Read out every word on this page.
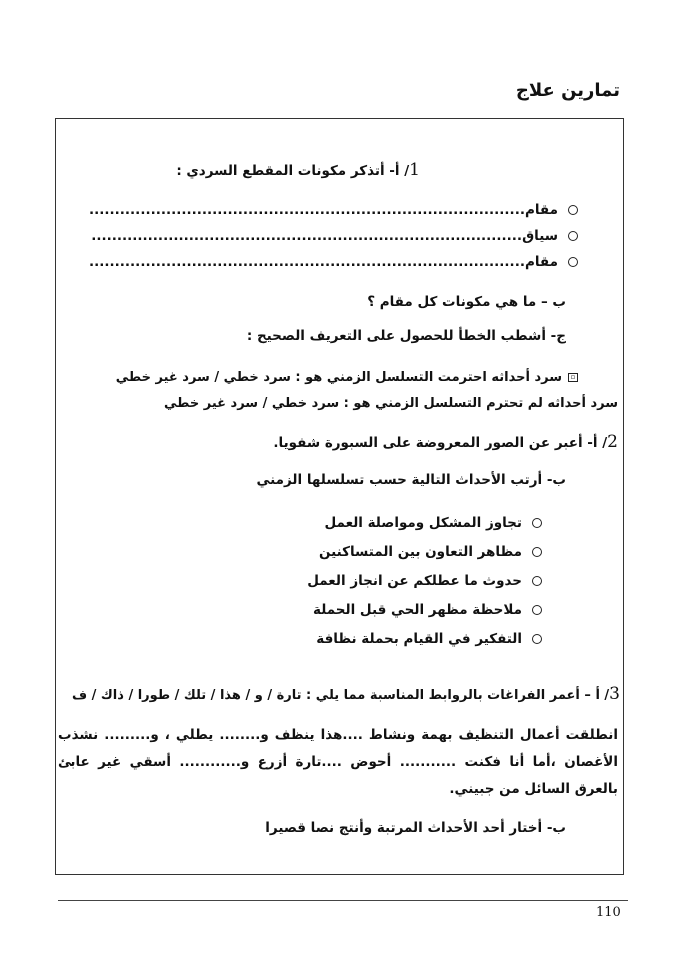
تمارين علاج
1/ أ- أتذكر مكونات المقطع السردي :
مقام.....................................................................................
سياق....................................................................................
مقام.....................................................................................
ب – ما هي مكونات كل مقام ؟
ج- أشطب الخطأ للحصول على التعريف الصحيح :
▫سرد أحداثه احترمت التسلسل الزمني هو : سرد خطي / سرد غير خطي
سرد أحداثه لم تحترم التسلسل الزمني هو : سرد خطي / سرد غير خطي
2/ أ- أعبر عن الصور المعروضة على السبورة شفويا.
ب- أرتب الأحداث التالية حسب تسلسلها الزمني
تجاوز المشكل ومواصلة العمل
مظاهر التعاون بين المتساكنين
حدوث ما عطلكم عن انجاز العمل
ملاحظة مظهر الحي قبل الحملة
التفكير في القيام بحملة نظافة
3/ أ – أعمر الفراغات بالروابط المناسبة مما يلي : تارة / و / هذا / تلك / طورا / ذاك / ف
انطلقت أعمال التنظيف بهمة ونشاط ....هذا ينظف و........ يطلي ، و......... نشذب الأغصان ،أما أنا فكنت ........... أحوض ....تارة أزرع و............ أسقي غير عابئ بالعرق السائل من جبيني.
ب- أختار أحد الأحداث المرتبة وأنتج نصا قصيرا
110
